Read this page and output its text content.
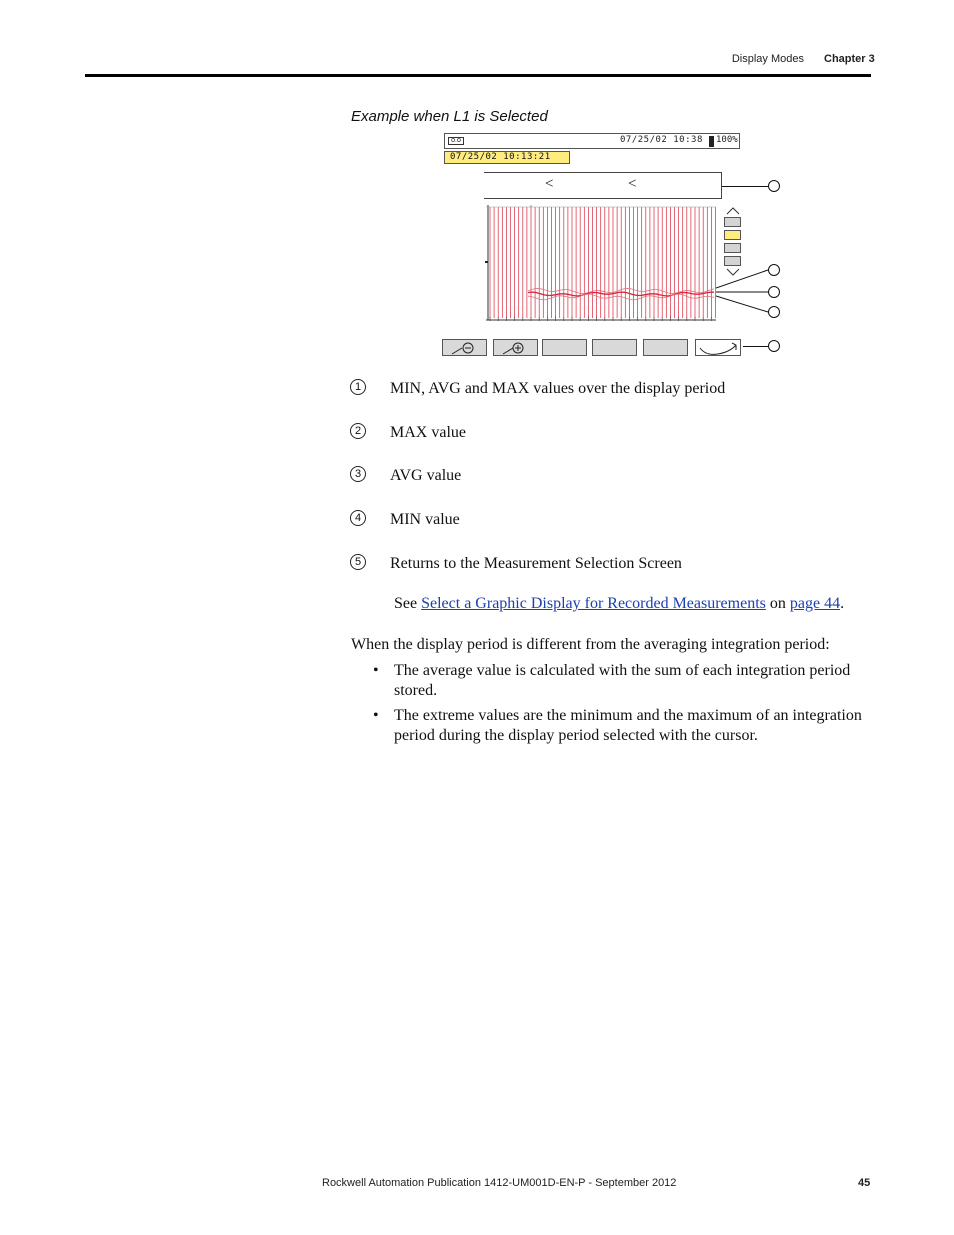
Display Modes Chapter 3
Example when L1 is Selected
o.o	07/25/02 10:38 100%
07/25/02 10:13:21
<	<
>
1	MIN, AVG and MAX values over the display period
2	MAX value
3	AVG value
4	MIN value
5	Returns to the Measurement Selection Screen
See Select a Graphic Display for Recorded Measurements on page 44.
When the display period is different from the averaging integration period:
• The average value is calculated with the sum of each integration period stored.
• The extreme values are the minimum and the maximum of an integration period during the display period selected with the cursor.
Rockwell Automation Publication 1412-UM001D-EN-P - September 2012	45
